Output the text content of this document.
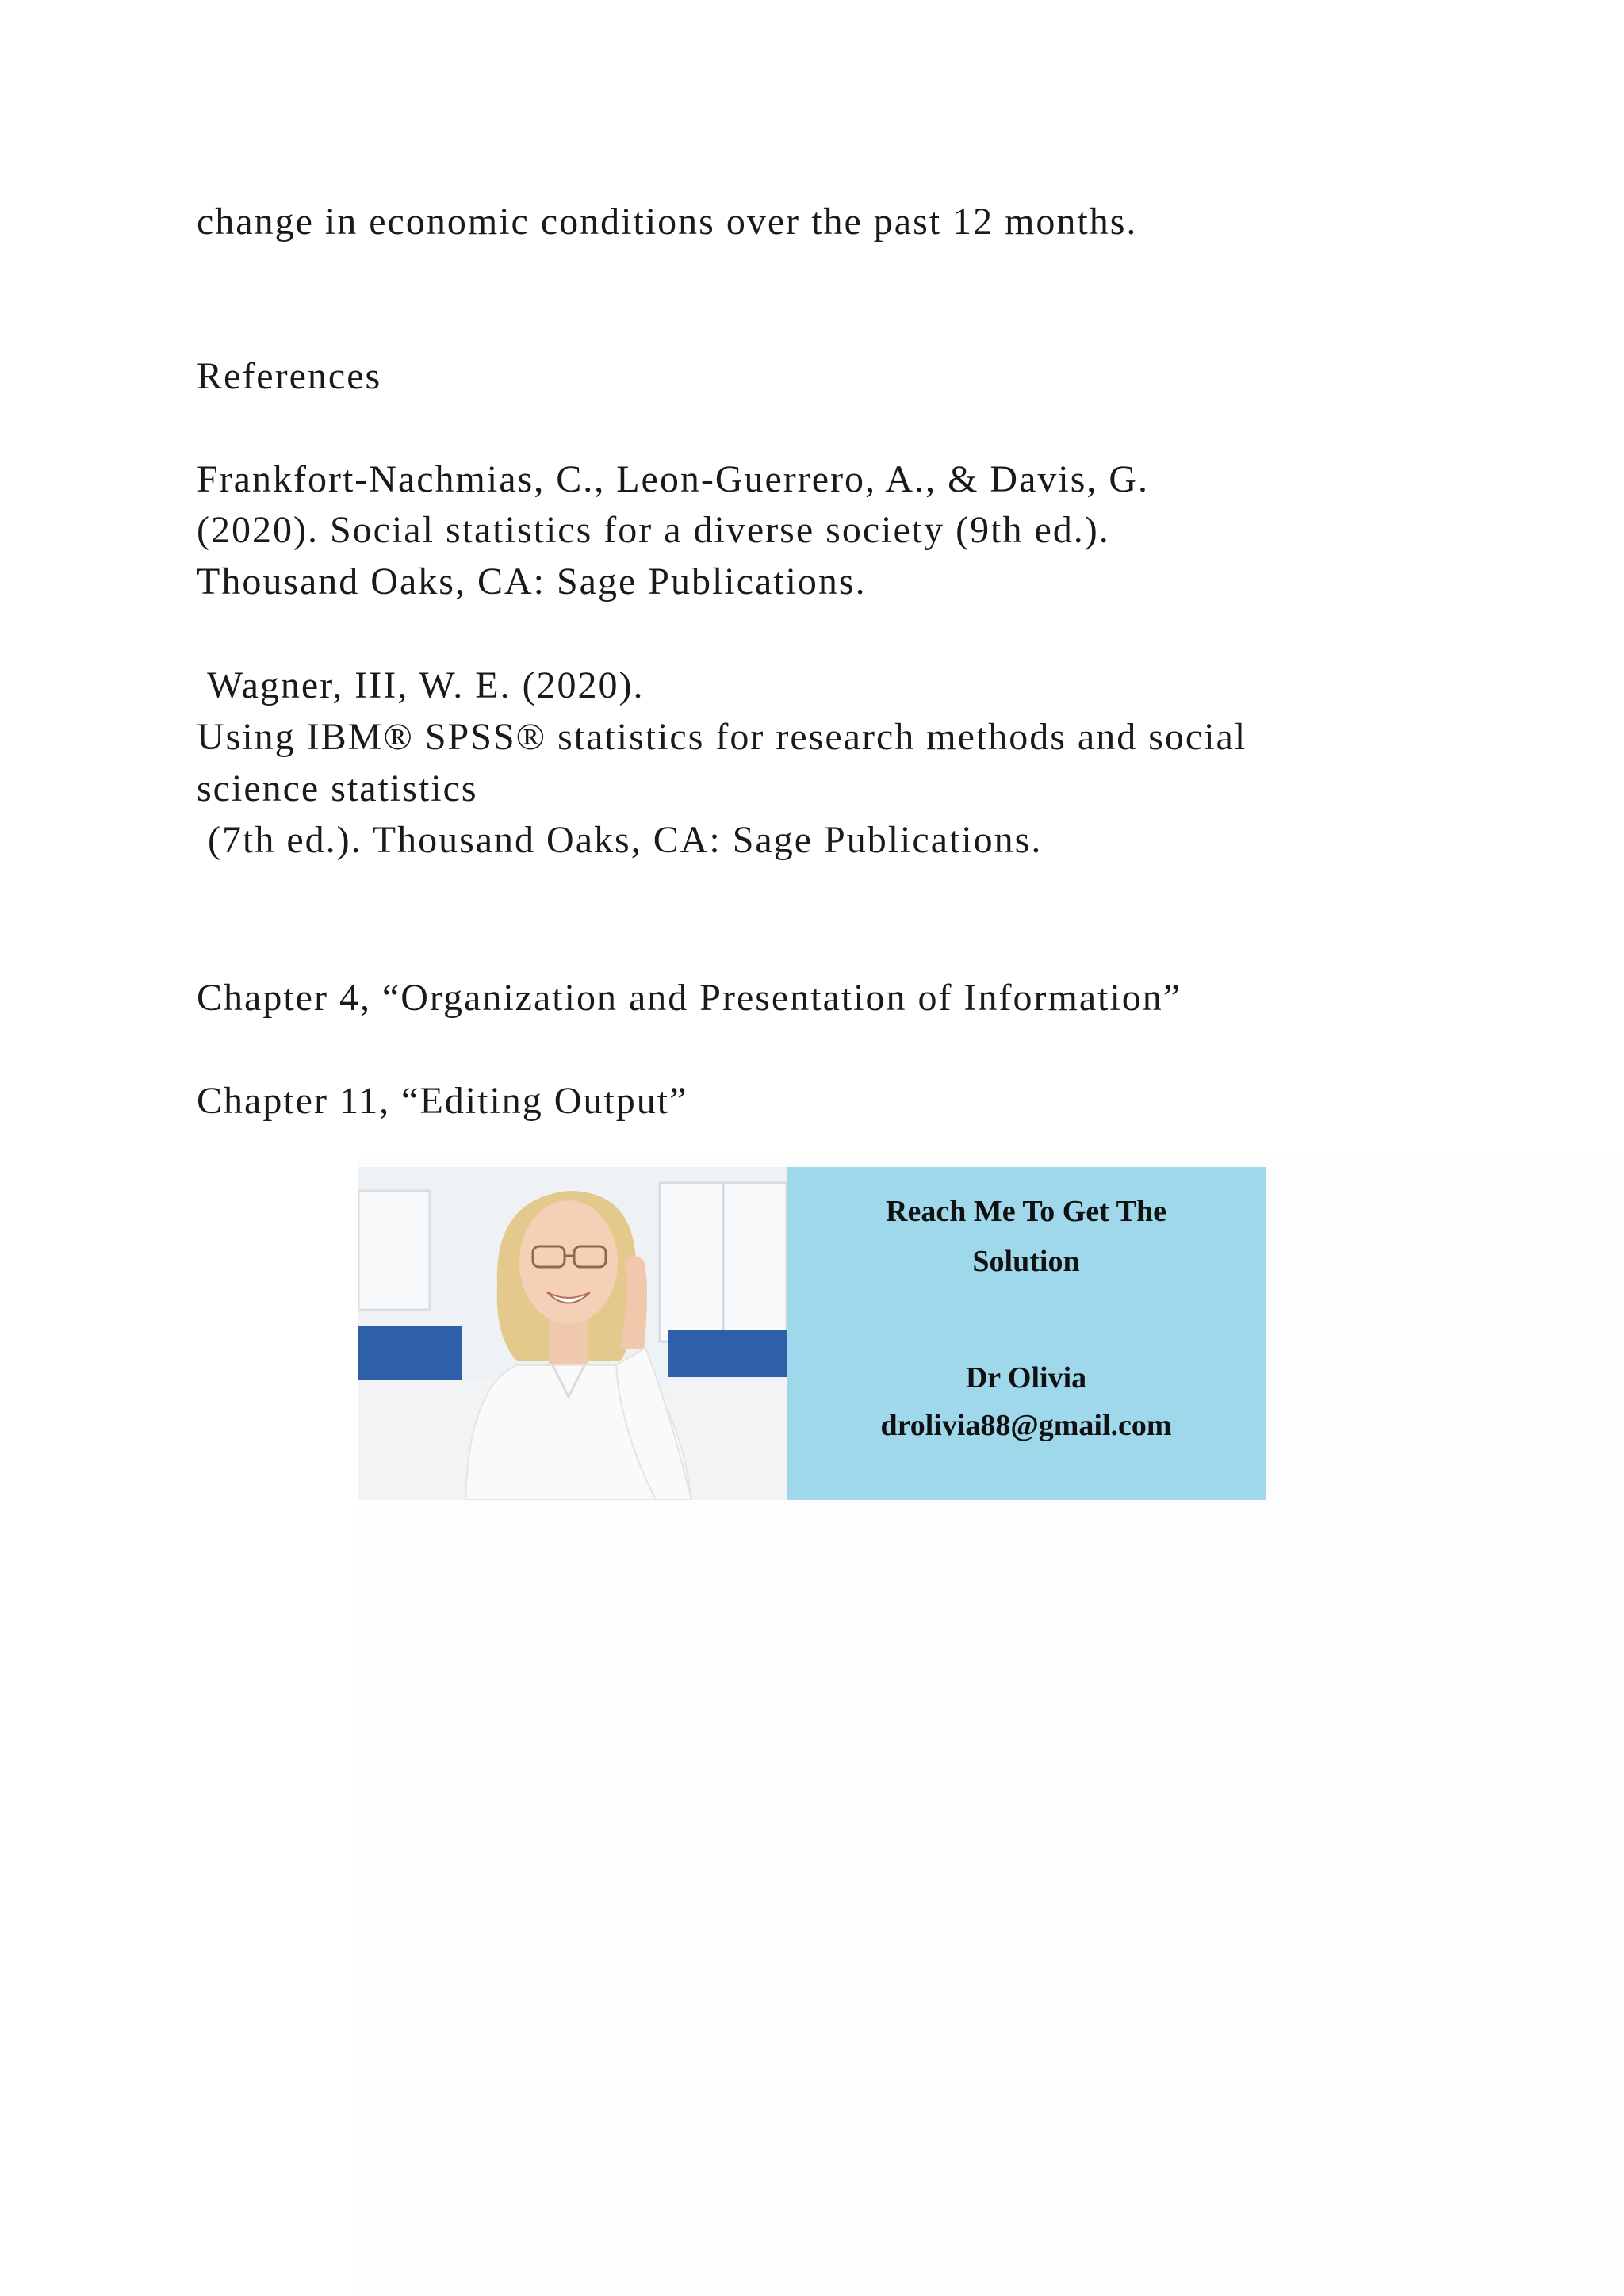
change in economic conditions over the past 12 months.
References
Frankfort-Nachmias, C., Leon-Guerrero, A., & Davis, G.
(2020). Social statistics for a diverse society (9th ed.).
Thousand Oaks, CA: Sage Publications.
Wagner, III, W. E. (2020).
Using IBM® SPSS® statistics for research methods and social
science statistics
(7th ed.). Thousand Oaks, CA: Sage Publications.
Chapter 4, “Organization and Presentation of Information”
Chapter 11, “Editing Output”
Reach Me To Get The
Solution
Dr Olivia
drolivia88@gmail.com
